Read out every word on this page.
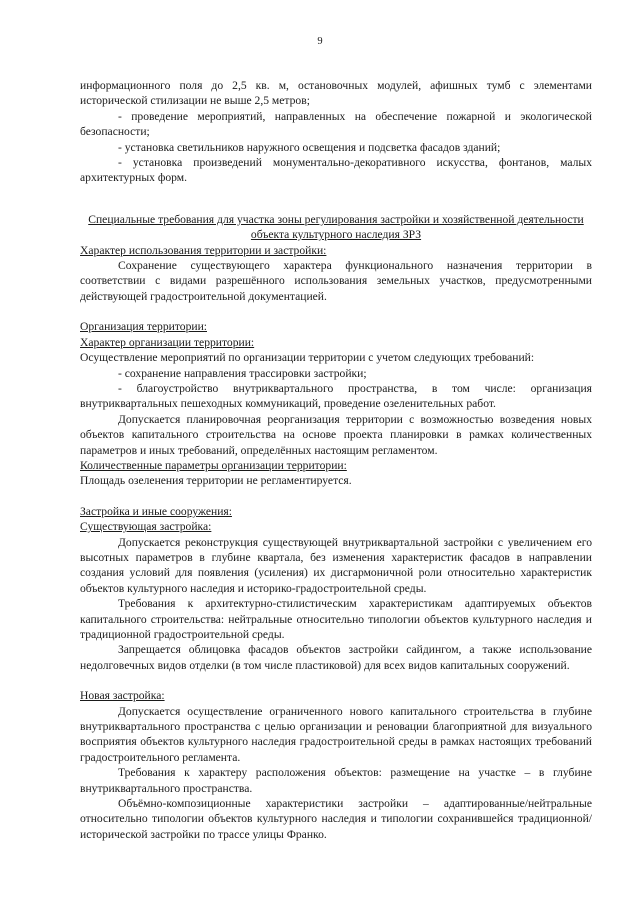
9

информационного поля до 2,5 кв. м, остановочных модулей, афишных тумб с элементами исторической стилизации не выше 2,5 метров;

- проведение мероприятий, направленных на обеспечение пожарной и экологической безопасности;

- установка светильников наружного освещения и подсветка фасадов зданий;

- установка произведений монументально-декоративного искусства, фонтанов, малых архитектурных форм.

Специальные требования для участка зоны регулирования застройки и хозяйственной деятельности объекта культурного наследия ЗРЗ

Характер использования территории и застройки:

Сохранение существующего характера функционального назначения территории в соответствии с видами разрешённого использования земельных участков, предусмотренными действующей градостроительной документацией.

Организация территории:

Характер организации территории:

Осуществление мероприятий по организации территории с учетом следующих требований:

- сохранение направления трассировки застройки;

- благоустройство внутриквартального пространства, в том числе: организация внутриквартальных пешеходных коммуникаций, проведение озеленительных работ.

Допускается планировочная реорганизация территории с возможностью возведения новых объектов капитального строительства на основе проекта планировки в рамках количественных параметров и иных требований, определённых настоящим регламентом.

Количественные параметры организации территории:

Площадь озеленения территории не регламентируется.

Застройка и иные сооружения:

Существующая застройка:

Допускается реконструкция существующей внутриквартальной застройки с увеличением его высотных параметров в глубине квартала, без изменения характеристик фасадов в направлении создания условий для появления (усиления) их дисгармоничной роли относительно характеристик объектов культурного наследия и историко-градостроительной среды.

Требования к архитектурно-стилистическим характеристикам адаптируемых объектов капитального строительства: нейтральные относительно типологии объектов культурного наследия и традиционной градостроительной среды.

Запрещается облицовка фасадов объектов застройки сайдингом, а также использование недолговечных видов отделки (в том числе пластиковой) для всех видов капитальных сооружений.

Новая застройка:

Допускается осуществление ограниченного нового капитального строительства в глубине внутриквартального пространства с целью организации и реновации благоприятной для визуального восприятия объектов культурного наследия градостроительной среды в рамках настоящих требований градостроительного регламента.

Требования к характеру расположения объектов: размещение на участке – в глубине внутриквартального пространства.

Объёмно-композиционные характеристики застройки – адаптированные/нейтральные относительно типологии объектов культурного наследия и типологии сохранившейся традиционной/исторической застройки по трассе улицы Франко.
